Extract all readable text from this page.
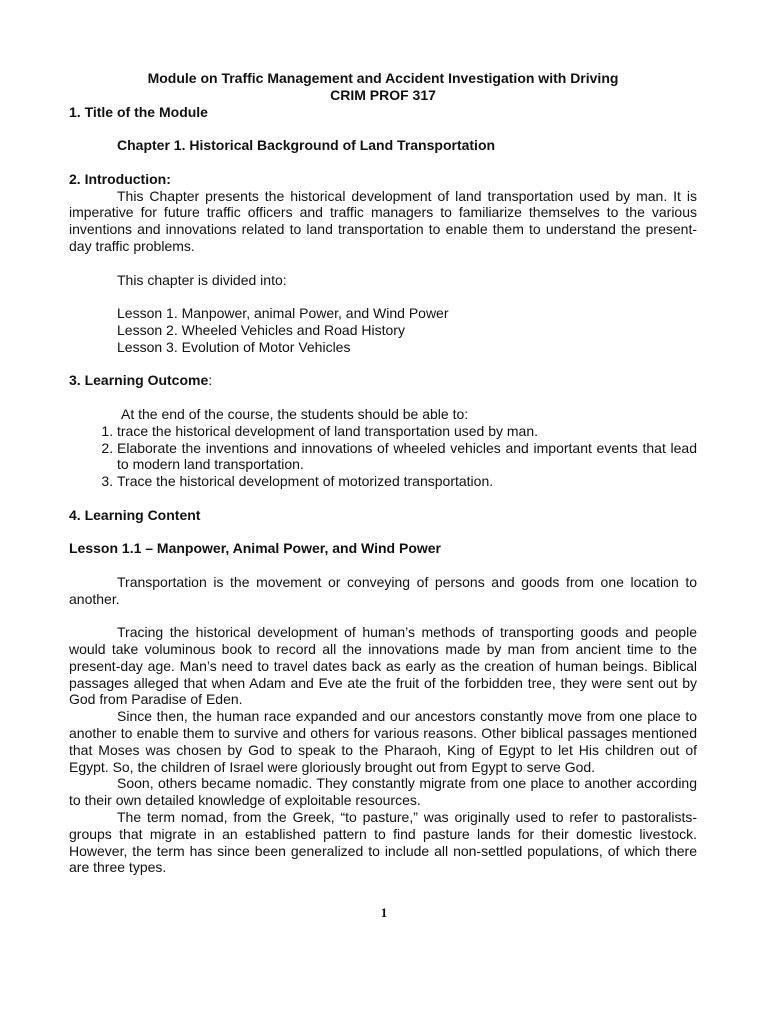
Module on Traffic Management and Accident Investigation with Driving
CRIM PROF 317
1. Title of the Module
Chapter 1. Historical Background of Land Transportation
2. Introduction:

This Chapter presents the historical development of land transportation used by man. It is imperative for future traffic officers and traffic managers to familiarize themselves to the various inventions and innovations related to land transportation to enable them to understand the present-day traffic problems.

This chapter is divided into:
Lesson 1. Manpower, animal Power, and Wind Power
Lesson 2. Wheeled Vehicles and Road History
Lesson 3. Evolution of Motor Vehicles
3. Learning Outcome:
At the end of the course, the students should be able to:
1. trace the historical development of land transportation used by man.
2. Elaborate the inventions and innovations of wheeled vehicles and important events that lead to modern land transportation.
3. Trace the historical development of motorized transportation.
4. Learning Content
Lesson 1.1 – Manpower, Animal Power, and Wind Power

Transportation is the movement or conveying of persons and goods from one location to another.

Tracing the historical development of human’s methods of transporting goods and people would take voluminous book to record all the innovations made by man from ancient time to the present-day age. Man’s need to travel dates back as early as the creation of human beings. Biblical passages alleged that when Adam and Eve ate the fruit of the forbidden tree, they were sent out by God from Paradise of Eden.

Since then, the human race expanded and our ancestors constantly move from one place to another to enable them to survive and others for various reasons. Other biblical passages mentioned that Moses was chosen by God to speak to the Pharaoh, King of Egypt to let His children out of Egypt. So, the children of Israel were gloriously brought out from Egypt to serve God.

Soon, others became nomadic. They constantly migrate from one place to another according to their own detailed knowledge of exploitable resources.

The term nomad, from the Greek, “to pasture,” was originally used to refer to pastoralists-groups that migrate in an established pattern to find pasture lands for their domestic livestock. However, the term has since been generalized to include all non-settled populations, of which there are three types.

1
